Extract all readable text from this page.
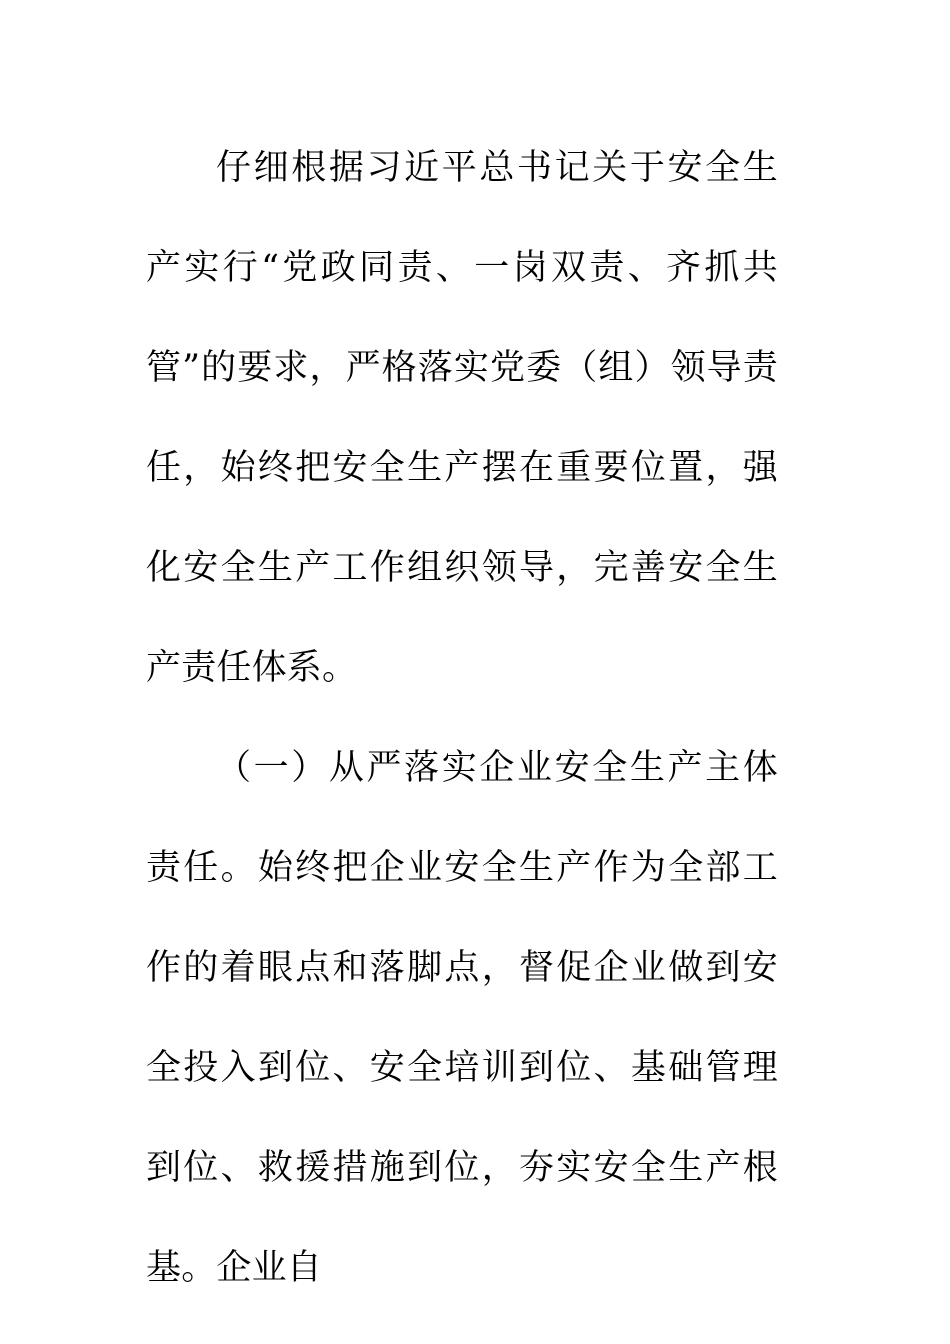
仔细根据习近平总书记关于安全生产实行“党政同责、一岗双责、齐抓共管”的要求，严格落实党委（组）领导责任，始终把安全生产摆在重要位置，强化安全生产工作组织领导，完善安全生产责任体系。

（一）从严落实企业安全生产主体责任。始终把企业安全生产作为全部工作的着眼点和落脚点，督促企业做到安全投入到位、安全培训到位、基础管理到位、救援措施到位，夯实安全生产根基。企业自
